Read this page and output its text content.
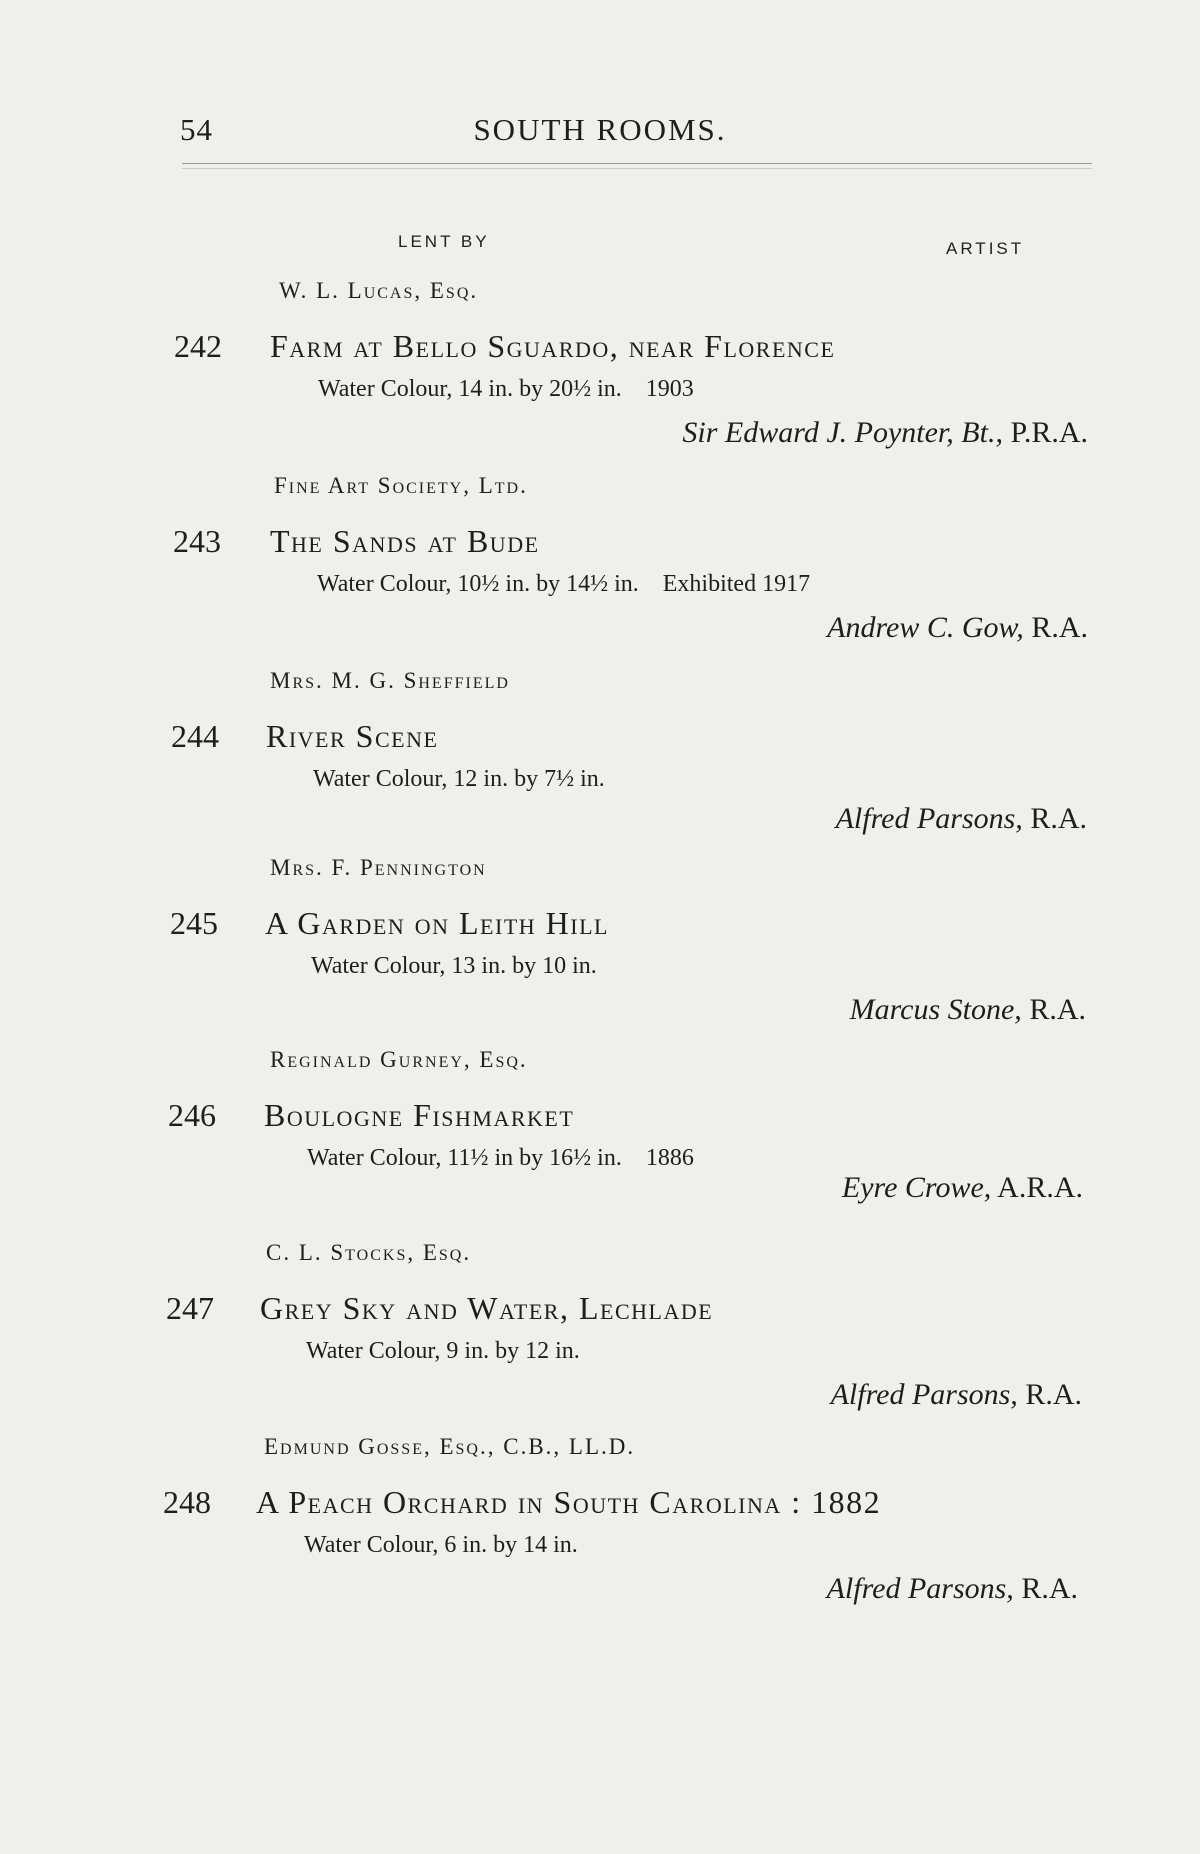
54	SOUTH ROOMS.
LENT BY	ARTIST
W. L. Lucas, Esq.
242 Farm at Bello Sguardo, near Florence
Water Colour, 14 in. by 20½ in. 1903
Sir Edward J. Poynter, Bt., P.R.A.
Fine Art Society, Ltd.
243 The Sands at Bude
Water Colour, 10½ in. by 14½ in. Exhibited 1917
Andrew C. Gow, R.A.
Mrs. M. G. Sheffield
244 River Scene
Water Colour, 12 in. by 7½ in.
Alfred Parsons, R.A.
Mrs. F. Pennington
245 A Garden on Leith Hill
Water Colour, 13 in. by 10 in.
Marcus Stone, R.A.
Reginald Gurney, Esq.
246 Boulogne Fishmarket
Water Colour, 11½ in by 16½ in. 1886
Eyre Crowe, A.R.A.
C. L. Stocks, Esq.
247 Grey Sky and Water, Lechlade
Water Colour, 9 in. by 12 in.
Alfred Parsons, R.A.
Edmund Gosse, Esq., C.B., LL.D.
248 A Peach Orchard in South Carolina : 1882
Water Colour, 6 in. by 14 in.
Alfred Parsons, R.A.
